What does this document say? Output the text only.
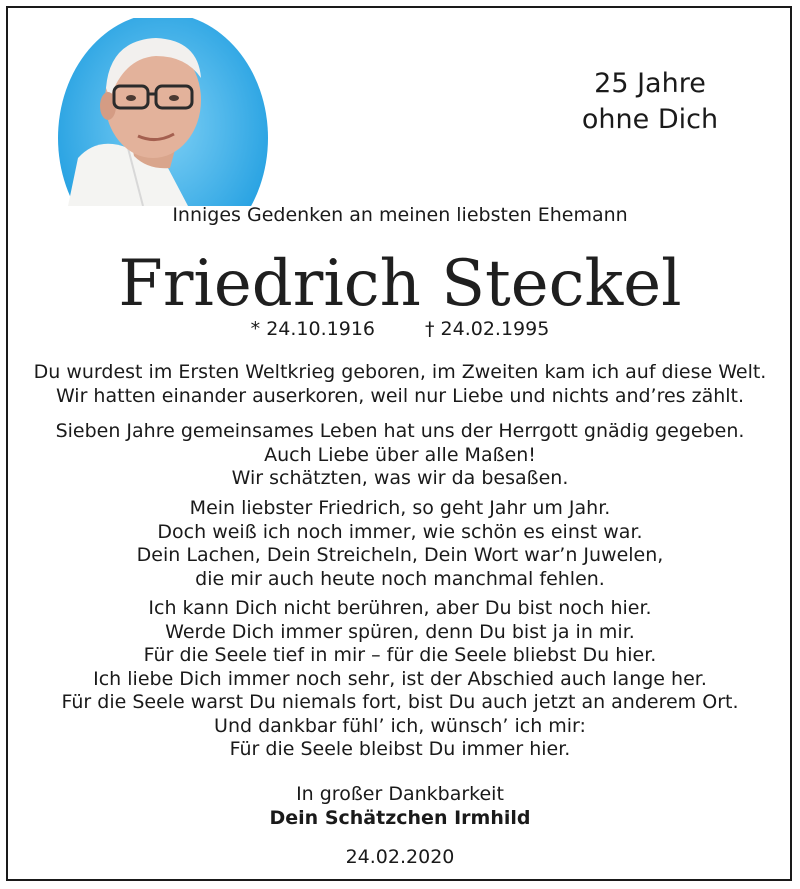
25 Jahre
ohne Dich
Inniges Gedenken an meinen liebsten Ehemann
Friedrich Steckel
* 24.10.1916	† 24.02.1995
Du wurdest im Ersten Weltkrieg geboren, im Zweiten kam ich auf diese Welt.
Wir hatten einander auserkoren, weil nur Liebe und nichts and’res zählt.
Sieben Jahre gemeinsames Leben hat uns der Herrgott gnädig gegeben.
Auch Liebe über alle Maßen!
Wir schätzten, was wir da besaßen.
Mein liebster Friedrich, so geht Jahr um Jahr.
Doch weiß ich noch immer, wie schön es einst war.
Dein Lachen, Dein Streicheln, Dein Wort war’n Juwelen,
die mir auch heute noch manchmal fehlen.
Ich kann Dich nicht berühren, aber Du bist noch hier.
Werde Dich immer spüren, denn Du bist ja in mir.
Für die Seele tief in mir – für die Seele bliebst Du hier.
Ich liebe Dich immer noch sehr, ist der Abschied auch lange her.
Für die Seele warst Du niemals fort, bist Du auch jetzt an anderem Ort.
Und dankbar fühl’ ich, wünsch’ ich mir:
Für die Seele bleibst Du immer hier.
In großer Dankbarkeit
Dein Schätzchen Irmhild
24.02.2020
